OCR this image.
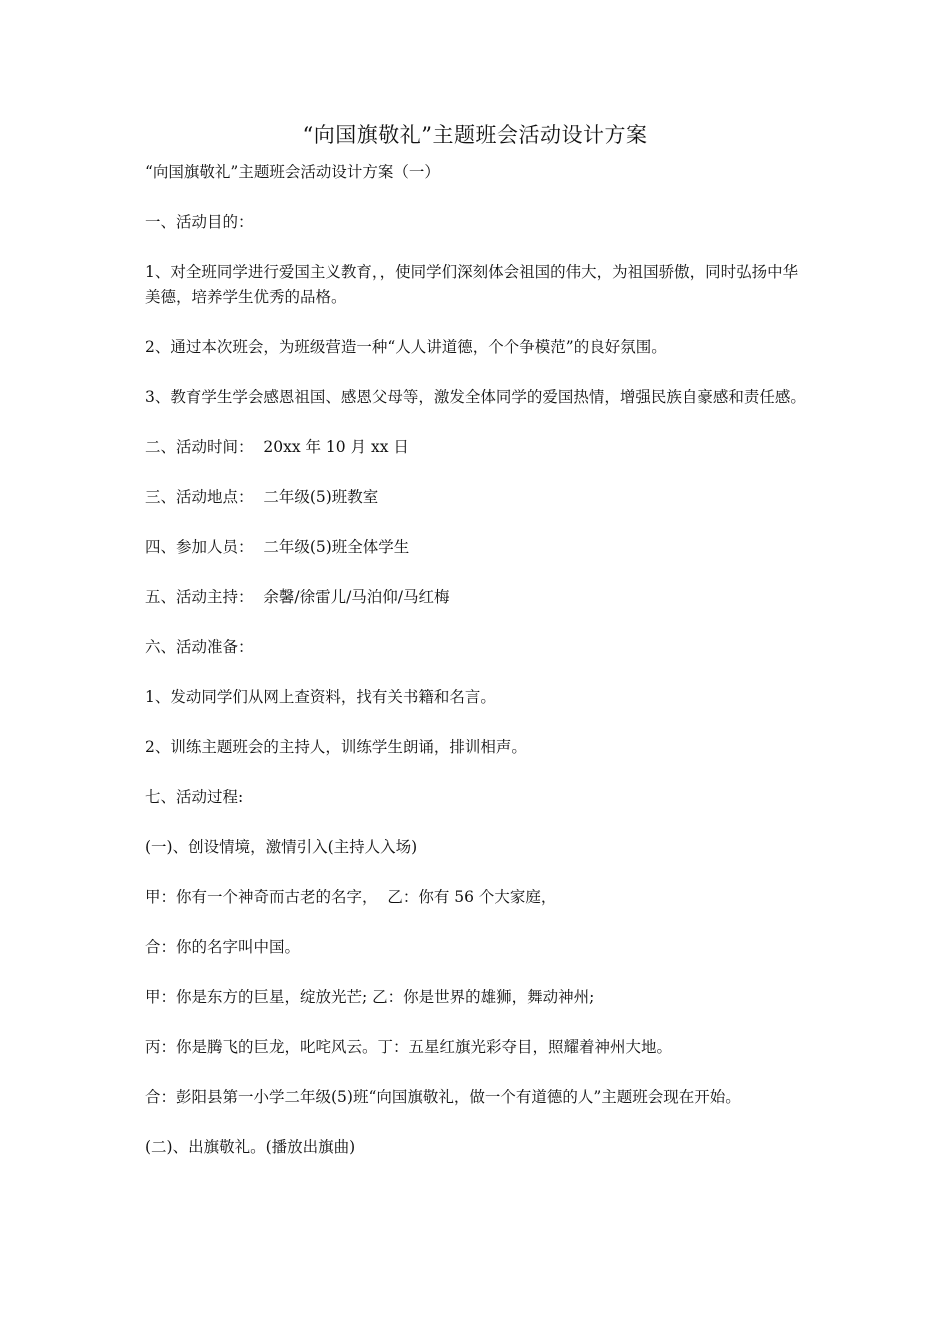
“向国旗敬礼”主题班会活动设计方案

“向国旗敬礼”主题班会活动设计方案（一）

一、活动目的：

1、对全班同学进行爱国主义教育，，使同学们深刻体会祖国的伟大，为祖国骄傲，同时弘扬中华美德，培养学生优秀的品格。

2、通过本次班会，为班级营造一种“人人讲道德，个个争模范”的良好氛围。

3、教育学生学会感恩祖国、感恩父母等，激发全体同学的爱国热情，增强民族自豪感和责任感。

二、活动时间：  20xx 年 10 月 xx 日

三、活动地点：  二年级(5)班教室

四、参加人员：  二年级(5)班全体学生

五、活动主持：  余馨/徐雷儿/马泊仰/马红梅

六、活动准备：

1、发动同学们从网上查资料，找有关书籍和名言。

2、训练主题班会的主持人，训练学生朗诵，排训相声。

七、活动过程:

(一)、创设情境，激情引入(主持人入场)

甲：你有一个神奇而古老的名字，  乙：你有 56 个大家庭，

合：你的名字叫中国。

甲：你是东方的巨星，绽放光芒; 乙：你是世界的雄狮，舞动神州;

丙：你是腾飞的巨龙，叱咤风云。丁：五星红旗光彩夺目，照耀着神州大地。

合：彭阳县第一小学二年级(5)班“向国旗敬礼，做一个有道德的人”主题班会现在开始。

(二)、出旗敬礼。(播放出旗曲)
